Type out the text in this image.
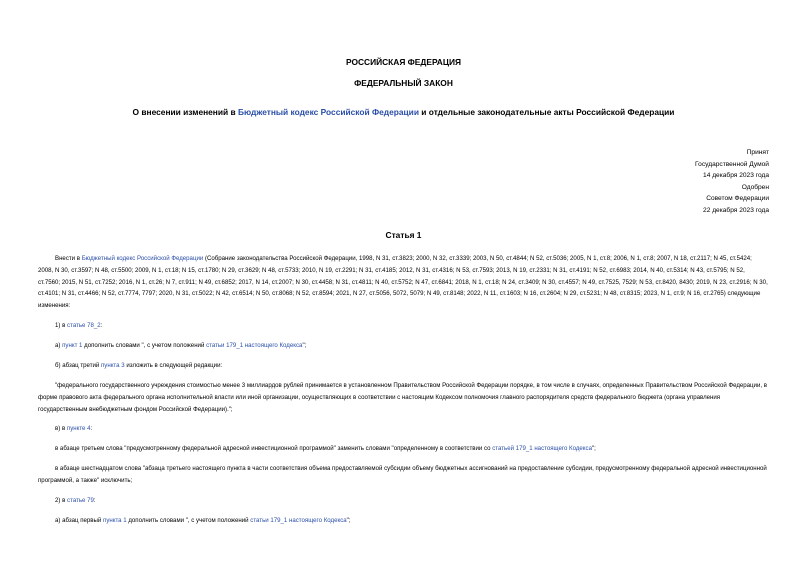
РОССИЙСКАЯ ФЕДЕРАЦИЯ
ФЕДЕРАЛЬНЫЙ ЗАКОН
О внесении изменений в Бюджетный кодекс Российской Федерации и отдельные законодательные акты Российской Федерации
Принят
Государственной Думой
14 декабря 2023 года
Одобрен
Советом Федерации
22 декабря 2023 года
Статья 1
Внести в Бюджетный кодекс Российской Федерации (Собрание законодательства Российской Федерации, 1998, N 31, ст.3823; 2000, N 32, ст.3339; 2003, N 50, ст.4844; N 52, ст.5036; 2005, N 1, ст.8; 2006, N 1, ст.8; 2007, N 18, ст.2117; N 45, ст.5424; 2008, N 30, ст.3597; N 48, ст.5500; 2009, N 1, ст.18; N 15, ст.1780; N 29, ст.3629; N 48, ст.5733; 2010, N 19, ст.2291; N 31, ст.4185; 2012, N 31, ст.4316; N 53, ст.7593; 2013, N 19, ст.2331; N 31, ст.4191; N 52, ст.6983; 2014, N 40, ст.5314; N 43, ст.5795; N 52, ст.7560; 2015, N 51, ст.7252; 2016, N 1, ст.26; N 7, ст.911; N 49, ст.6852; 2017, N 14, ст.2007; N 30, ст.4458; N 31, ст.4811; N 40, ст.5752; N 47, ст.6841; 2018, N 1, ст.18; N 24, ст.3409; N 30, ст.4557; N 49, ст.7525, 7529; N 53, ст.8420, 8430; 2019, N 23, ст.2916; N 30, ст.4101; N 31, ст.4466; N 52, ст.7774, 7797; 2020, N 31, ст.5022; N 42, ст.6514; N 50, ст.8068; N 52, ст.8594; 2021, N 27, ст.5056, 5072, 5079; N 49, ст.8148; 2022, N 11, ст.1603; N 16, ст.2604; N 29, ст.5231; N 48, ст.8315; 2023, N 1, ст.9; N 16, ст.2765) следующие изменения:
1) в статье 78_2:
а) пункт 1 дополнить словами ", с учетом положений статьи 179_1 настоящего Кодекса";
б) абзац третий пункта 3 изложить в следующей редакции:
"федерального государственного учреждения стоимостью менее 3 миллиардов рублей принимается в установленном Правительством Российской Федерации порядке, в том числе в случаях, определенных Правительством Российской Федерации, в форме правового акта федерального органа исполнительной власти или иной организации, осуществляющих в соответствии с настоящим Кодексом полномочия главного распорядителя средств федерального бюджета (органа управления государственным внебюджетным фондом Российской Федерации).";
в) в пункте 4:
в абзаце третьем слова "предусмотренному федеральной адресной инвестиционной программой" заменить словами "определенному в соответствии со статьей 179_1 настоящего Кодекса";
в абзаце шестнадцатом слова "абзаца третьего настоящего пункта в части соответствия объема предоставляемой субсидии объему бюджетных ассигнований на предоставление субсидии, предусмотренному федеральной адресной инвестиционной программой, а также" исключить;
2) в статье 79:
а) абзац первый пункта 1 дополнить словами ", с учетом положений статьи 179_1 настоящего Кодекса";
